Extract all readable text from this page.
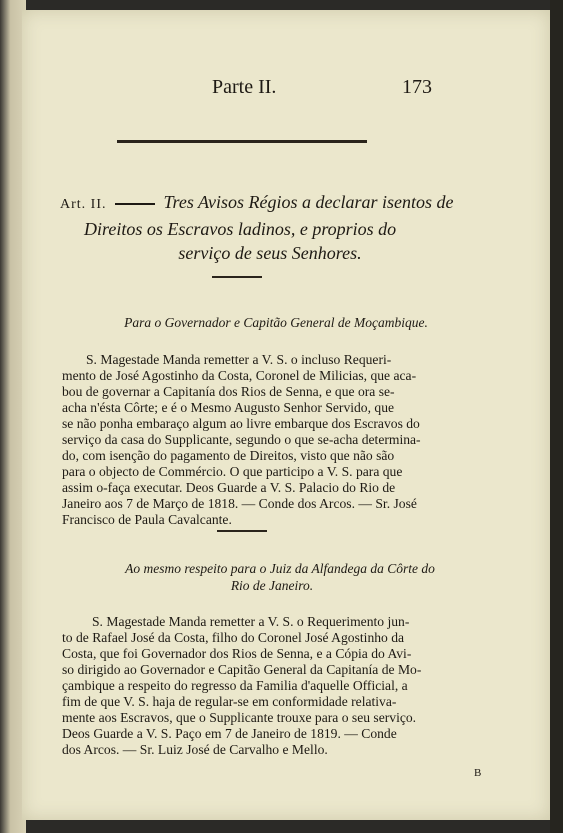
Parte II.	173
Art. II.	Tres Avisos Régios a declarar isentos de
Direitos os Escravos ladinos, e proprios do
serviço de seus Senhores.
Para o Governador e Capitão General de Moçambique.
S. Magestade Manda remetter a V. S. o incluso Requeri-
mento de José Agostinho da Costa, Coronel de Milicias, que aca-
bou de governar a Capitanía dos Rios de Senna, e que ora se-
acha n'ésta Côrte; e é o Mesmo Augusto Senhor Servido, que
se não ponha embaraço algum ao livre embarque dos Escravos do
serviço da casa do Supplicante, segundo o que se-acha determina-
do, com isenção do pagamento de Direitos, visto que não são
para o objecto de Commércio. O que participo a V. S. para que
assim o-faça executar. Deos Guarde a V. S. Palacio do Rio de
Janeiro aos 7 de Março de 1818. — Conde dos Arcos. — Sr. José
Francisco de Paula Cavalcante.
Ao mesmo respeito para o Juiz da Alfandega da Côrte do
Rio de Janeiro.
S. Magestade Manda remetter a V. S. o Requerimento jun-
to de Rafael José da Costa, filho do Coronel José Agostinho da
Costa, que foi Governador dos Rios de Senna, e a Cópia do Avi-
so dirigido ao Governador e Capitão General da Capitanía de Mo-
çambique a respeito do regresso da Familia d'aquelle Official, a
fim de que V. S. haja de regular-se em conformidade relativa-
mente aos Escravos, que o Supplicante trouxe para o seu serviço.
Deos Guarde a V. S. Paço em 7 de Janeiro de 1819. — Conde
dos Arcos. — Sr. Luiz José de Carvalho e Mello.
B
